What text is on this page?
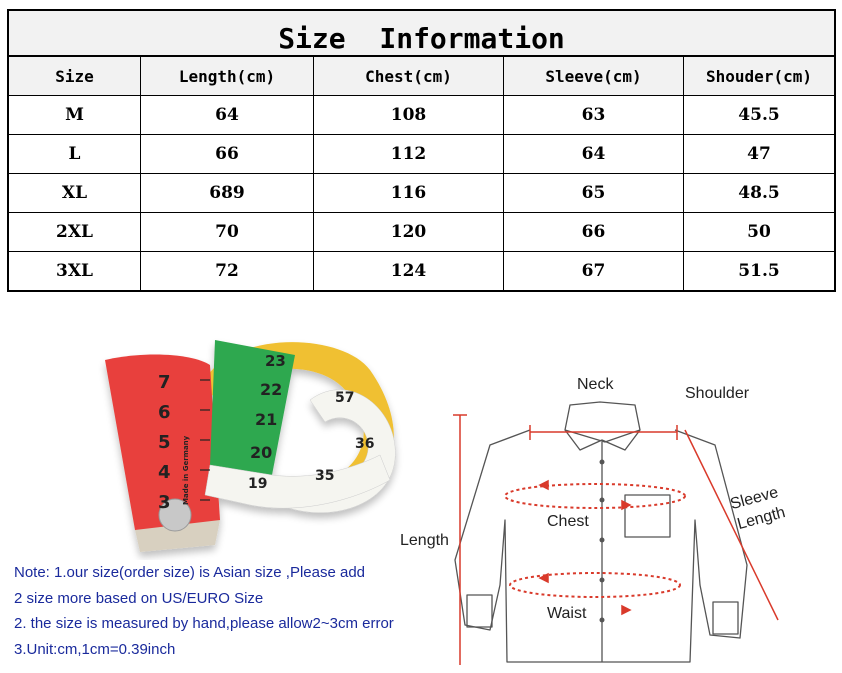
Size  Information
Size	Length(cm)	Chest(cm)	Sleeve(cm)	Shouder(cm)
M	64	108	63	45.5
L	66	112	64	47
XL	689	116	65	48.5
2XL	70	120	66	50
3XL	72	124	67	51.5
7
6
5
4
3
23
22
21
20
19	35
36
57
Made in Germany
Note: 1.our size(order size) is Asian size ,Please add
2 size more based on US/EURO Size
2. the size is measured by hand,please allow2~3cm error
3.Unit:cm,1cm=0.39inch
Neck
Shoulder
Sleeve
Length
Length
Chest
Waist
